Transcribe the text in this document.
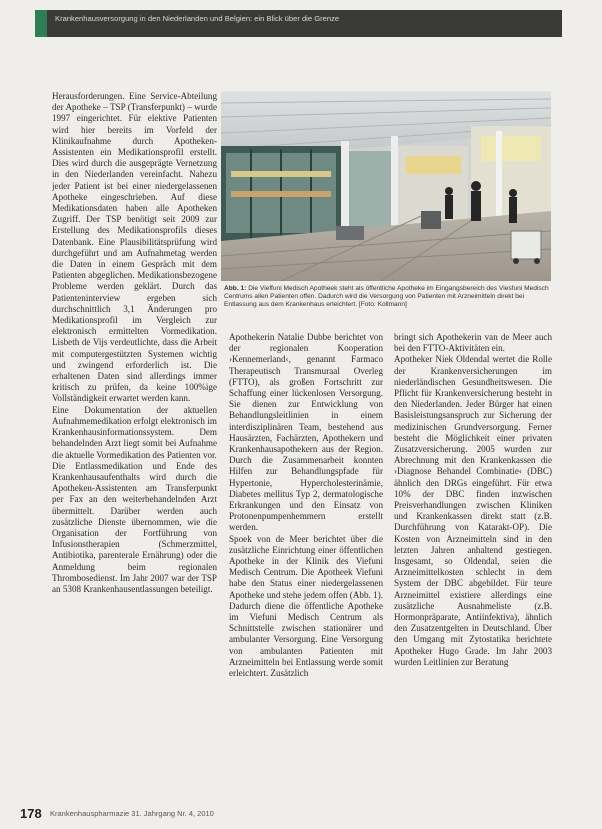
Krankenhausversorgung in den Niederlanden und Belgien: ein Blick über die Grenze

Herausforderungen. Eine Service-Abteilung der Apotheke – TSP (Transferpunkt) – wurde 1997 eingerichtet. Für elektive Patienten wird hier bereits im Vorfeld der Klinikaufnahme durch Apotheken-Assistenten ein Medikationsprofil erstellt. Dies wird durch die ausgeprägte Vernetzung in den Niederlanden vereinfacht. Nahezu jeder Patient ist bei einer niedergelassenen Apotheke eingeschrieben. Auf diese Medikationsdaten haben alle Apotheken Zugriff. Der TSP benötigt seit 2009 zur Erstellung des Medikationsprofils dieses Datenbank. Eine Plausibilitätsprüfung wird durchgeführt und am Aufnahmetag werden die Daten in einem Gespräch mit dem Patienten abgeglichen. Medikationsbezogene Probleme werden geklärt. Durch das Patienteninterview ergeben sich durchschnittlich 3,1 Änderungen pro Medikationsprofil im Vergleich zur elektronisch ermittelten Vormedikation. Lisbeth de Vijs verdeutlichte, dass die Arbeit mit computergestützten Systemen wichtig und zwingend erforderlich ist. Die erhaltenen Daten sind allerdings immer kritisch zu prüfen, da keine 100%ige Vollständigkeit erwartet werden kann.

Eine Dokumentation der aktuellen Aufnahmemedikation erfolgt elektronisch im Krankenhausinformationssystem. Dem behandelnden Arzt liegt somit bei Aufnahme die aktuelle Vormedikation des Patienten vor.

Die Entlassmedikation und Ende des Krankenhausaufenthalts wird durch die Apotheken-Assistenten am Transferpunkt per Fax an den weiterbehandelnden Arzt übermittelt. Darüber werden auch zusätzliche Dienste übernommen, wie die Organisation der Fortführung von Infusionstherapien (Schmerzmittel, Antibiotika, parenterale Ernährung) oder die Anmeldung beim regionalen Thrombosedienst. Im Jahr 2007 war der TSP an 5308 Krankenhausentlassungen beteiligt.

Abb. 1: Die Vieffuni Medisch Apotheek steht als öffentliche Apotheke im Eingangsbereich des Viesfuni Medisch Centrums allen Patienten offen. Dadurch wird die Versorgung von Patienten mit Arzneimitteln direkt bei Entlassung aus dem Krankenhaus erleichtert. [Foto: Kollmann]

Apothekerin Natalie Dubbe berichtet von der regionalen Kooperation ›Kennemerland‹, genannt Farmaco Therapeutisch Transmuraal Overleg (FTTO), als großen Fortschritt zur Schaffung einer lückenlosen Versorgung. Sie dienen zur Entwicklung von Behandlungsleitlinien in einem interdisziplinären Team, bestehend aus Hausärzten, Fachärzten, Apothekern und Krankenhausapothekern aus der Region. Durch die Zusammenarbeit konnten Hilfen zur Behandlungspfade für Hypertonie, Hypercholesterinämie, Diabetes mellitus Typ 2, dermatologische Erkrankungen und den Einsatz von Protonenpumpenhemmern erstellt werden.

Spoek von de Meer berichtet über die zusätzliche Einrichtung einer öffentlichen Apotheke in der Klinik des Viefuni Medisch Centrum. Die Apotheek Viefuni habe den Status einer niedergelassenen Apotheke und stehe jedem offen (Abb. 1). Dadurch diene die öffentliche Apotheke im Viefuni Medisch Centrum als Schnittstelle zwischen stationärer und ambulanter Versorgung. Eine Versorgung von ambulanten Patienten mit Arzneimitteln bei Entlassung werde somit erleichtert. Zusätzlich

bringt sich Apothekerin van de Meer auch bei den FTTO-Aktivitäten ein.

Apotheker Niek Oldendal wertet die Rolle der Krankenversicherungen im niederländischen Gesundheitswesen. Die Pflicht für Krankenversicherung besteht in den Niederlanden. Jeder Bürger hat einen Basisleistungsanspruch zur Sicherung der medizinischen Grundversorgung. Ferner besteht die Möglichkeit einer privaten Zusatzversicherung. 2005 wurden zur Abrechnung mit den Krankenkassen die ›Diagnose Behandel Combinatie‹ (DBC) ähnlich den DRGs eingeführt. Für etwa 10% der DBC finden inzwischen Preisverhandlungen zwischen Kliniken und Krankenkassen direkt statt (z.B. Durchführung von Katarakt-OP). Die Kosten von Arzneimitteln sind in den letzten Jahren anhaltend gestiegen. Insgesamt, so Oldendal, seien die Arzneimittelkosten schlecht in dem System der DBC abgebildet. Für teure Arzneimittel existiere allerdings eine zusätzliche Ausnahmeliste (z.B. Hormonpräparate, Antiinfektiva), ähnlich den Zusatzentgelten in Deutschland. Über den Umgang mit Zytostatika berichtete Apotheker Hugo Grade. Im Jahr 2003 wurden Leitlinien zur Beratung

178 Krankenhauspharmazie 31. Jahrgang Nr. 4, 2010
